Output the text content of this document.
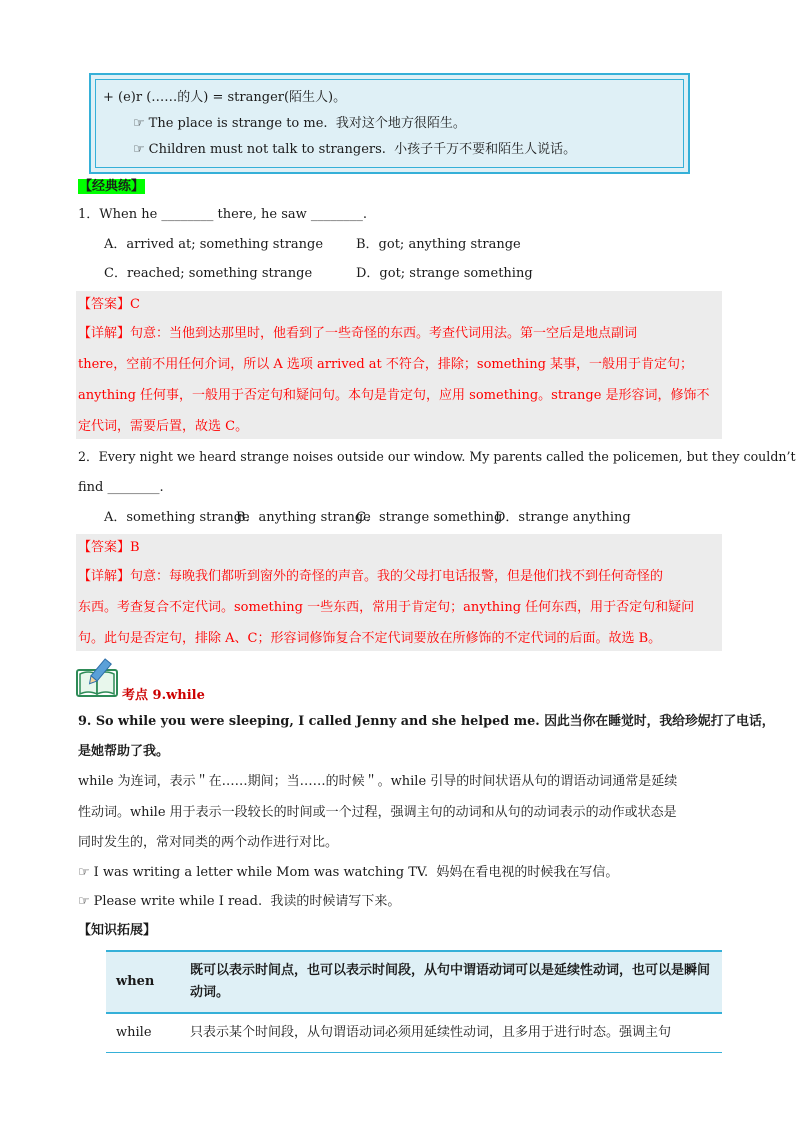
+ (e)r (……的人) = stranger(陌生人)。
☞ The place is strange to me. 我对这个地方很陌生。
☞ Children must not talk to strangers. 小孩子千万不要和陌生人说话。
【经典练】
1．When he ________ there, he saw ________.
A．arrived at; something strange	B．got; anything strange
C．reached; something strange	D．got; strange something
【答案】C
【详解】句意：当他到达那里时，他看到了一些奇怪的东西。考查代词用法。第一空后是地点副词
there，空前不用任何介词，所以 A 选项 arrived at 不符合，排除；something 某事，一般用于肯定句；
anything 任何事，一般用于否定句和疑问句。本句是肯定句，应用 something。strange 是形容词，修饰不
定代词，需要后置，故选 C。
2．Every night we heard strange noises outside our window. My parents called the policemen, but they couldn’t
find ________.
A．something strange
B．anything strange
C．strange something
D．strange anything
【答案】B
【详解】句意：每晚我们都听到窗外的奇怪的声音。我的父母打电话报警，但是他们找不到任何奇怪的
东西。考查复合不定代词。something 一些东西，常用于肯定句；anything 任何东西，用于否定句和疑问
句。此句是否定句，排除 A、C；形容词修饰复合不定代词要放在所修饰的不定代词的后面。故选 B。
考点 9.while
9. So while you were sleeping, I called Jenny and she helped me. 因此当你在睡觉时，我给珍妮打了电话，
是她帮助了我。
while 为连词，表示＂在……期间；当……的时候＂。while 引导的时间状语从句的谓语动词通常是延续
性动词。while 用于表示一段较长的时间或一个过程，强调主句的动词和从句的动词表示的动作或状态是
同时发生的，常对同类的两个动作进行对比。
☞ I was writing a letter while Mom was watching TV. 妈妈在看电视的时候我在写信。
☞ Please write while I read. 我读的时候请写下来。
【知识拓展】
when	既可以表示时间点，也可以表示时间段，从句中谓语动词可以是延续性动词，也可以是瞬间动词。
while	只表示某个时间段，从句谓语动词必须用延续性动词，且多用于进行时态。强调主句
